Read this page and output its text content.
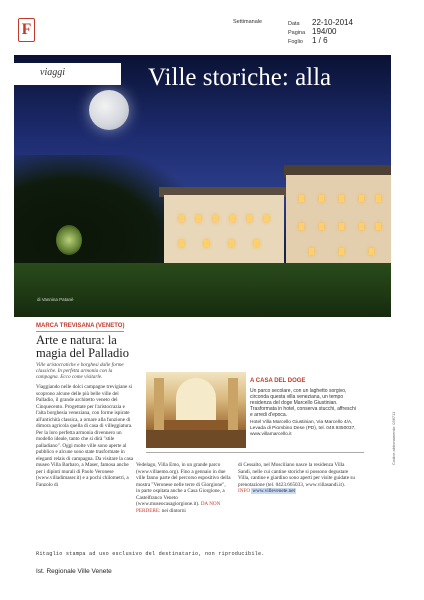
F	Settimanale	Data 22-10-2014
Pagina 194/00
Foglio 1 / 6
viaggi	Ville storiche: alla
di Vannina Patanè
MARCA TREVISANA (VENETO)
Arte e natura: la magia del Palladio
Ville aristocratiche e borghesi dalle forme classiche. In perfetta armonia con la campagna. Ecco come visitarle.
Viaggiando nelle dolci campagne trevigiane si scoprono alcune delle più belle ville del Palladio, il grande architetto veneto del Cinquecento. Progettate per l'aristocrazia e l'alta borghesia veneziana, con forme ispirate all'antichità classica, a ornare alla funzione di dimora agricola quella di casa di villeggiatura. Per la loro perfetta armonia divennero un modello ideale, tanto che si dirà "stile palladiano". Oggi molte ville sono aperte al pubblico e alcune sono state trasformate in eleganti relais di campagna. Da visitare la casa museo Villa Barbaro, a Maser, famosa anche per i dipinti murali di Paolo Veronese (www.villadimaser.it) e a pochi chilometri, a Fanzolo di
A CASA DEL DOGE
Un parco secolare, con un laghetto sorgivo, circonda questa villa veneziana, un tempo residenza del doge Marcello Giustinian. Trasformata in hotel, conserva stucchi, affreschi e arredi d'epoca.
Hotel Villa Marcello Giustinian, Via Marcello 4/A, Levada di Piombino Dese (PD), tel. 049.9350037, www.villamarcello.it
Vedelago, Villa Emo, in un grande parco (www.villaemo.org). Fino a gennaio in due ville fanno parte del percorso espositivo della mostra "Veronese nelle terre di Giorgione", in parte ospitata anche a Casa Giorgione, a Castelfranco Veneto (www.museocasagiorgione.it). DA NON PERDERE: nei dintorni
di Cessalto, nel Mosciliano nasce la residenza Villa Sandi, nelle cui cantine storiche si possono degustare Villa, cantine e giardino sono aperti per visite guidate su prenotazione (tel. 0423.665033, www.villasandi.it). INFO www.villevenete.net
Codice abbonamento: 036711
Ritaglio stampa ad uso esclusivo del destinatario, non riproducibile.
Ist. Regionale Ville Venete
